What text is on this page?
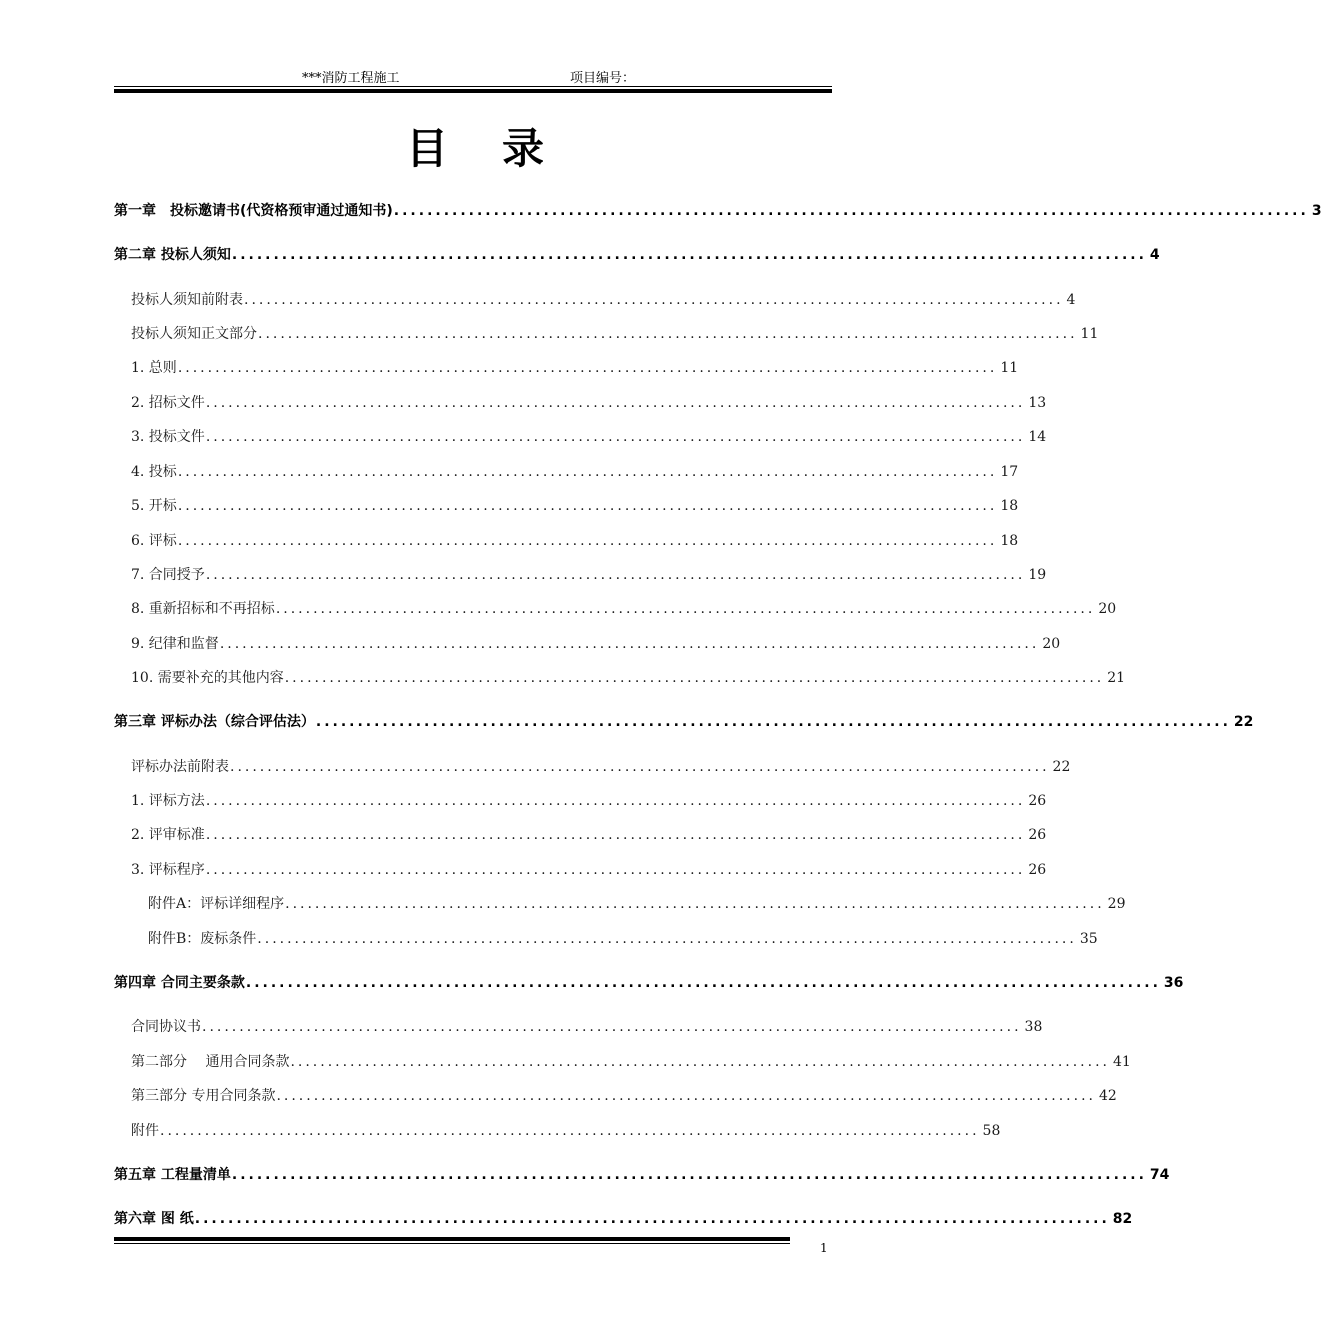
***消防工程施工	项目编号：
目录
第一章　投标邀请书(代资格预审通过通知书) .............................................................................................................. 3
第二章 投标人须知 .............................................................................................................. 4
投标人须知前附表 .............................................................................................................. 4
投标人须知正文部分 .............................................................................................................. 11
1. 总则 .............................................................................................................. 11
2. 招标文件 .............................................................................................................. 13
3. 投标文件 .............................................................................................................. 14
4. 投标 .............................................................................................................. 17
5. 开标 .............................................................................................................. 18
6. 评标 .............................................................................................................. 18
7. 合同授予 .............................................................................................................. 19
8. 重新招标和不再招标 .............................................................................................................. 20
9. 纪律和监督 .............................................................................................................. 20
10. 需要补充的其他内容 .............................................................................................................. 21
第三章 评标办法（综合评估法） .............................................................................................................. 22
评标办法前附表 .............................................................................................................. 22
1. 评标方法 .............................................................................................................. 26
2. 评审标准 .............................................................................................................. 26
3. 评标程序 .............................................................................................................. 26
附件A：评标详细程序 .............................................................................................................. 29
附件B：废标条件 .............................................................................................................. 35
第四章 合同主要条款 .............................................................................................................. 36
合同协议书 .............................................................................................................. 38
第二部分　 通用合同条款 .............................................................................................................. 41
第三部分 专用合同条款 .............................................................................................................. 42
附件 .............................................................................................................. 58
第五章 工程量清单 .............................................................................................................. 74
第六章 图 纸 .............................................................................................................. 82
1
